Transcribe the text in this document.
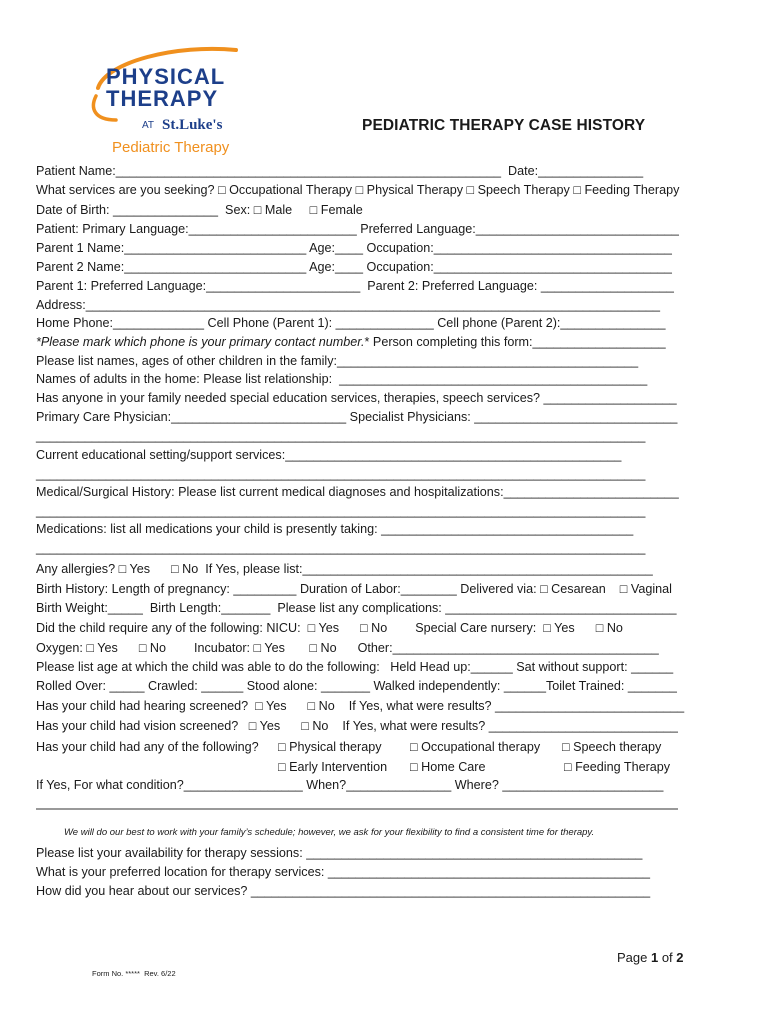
PHYSICAL
THERAPY
AT St.Luke's
Pediatric Therapy
PEDIATRIC THERAPY CASE HISTORY
Patient Name:_______________________________________________________  Date:_______________
What services are you seeking? □ Occupational Therapy □ Physical Therapy □ Speech Therapy □ Feeding Therapy
Date of Birth: _______________  Sex: □ Male     □ Female
Patient: Primary Language:________________________ Preferred Language:_____________________________
Parent 1 Name:__________________________ Age:____ Occupation:__________________________________
Parent 2 Name:__________________________ Age:____ Occupation:__________________________________
Parent 1: Preferred Language:______________________  Parent 2: Preferred Language: ___________________
Address:__________________________________________________________________________________
Home Phone:_____________ Cell Phone (Parent 1): ______________ Cell phone (Parent 2):_______________
*Please mark which phone is your primary contact number.* Person completing this form:___________________
Please list names, ages of other children in the family:___________________________________________
Names of adults in the home: Please list relationship:  ____________________________________________
Has anyone in your family needed special education services, therapies, speech services? ___________________
Primary Care Physician:_________________________ Specialist Physicians: _____________________________
_______________________________________________________________________________________
Current educational setting/support services:________________________________________________
_______________________________________________________________________________________
Medical/Surgical History: Please list current medical diagnoses and hospitalizations:_________________________
_______________________________________________________________________________________
Medications: list all medications your child is presently taking: ____________________________________
_______________________________________________________________________________________
Any allergies? □ Yes      □ No  If Yes, please list:__________________________________________________
Birth History: Length of pregnancy: _________ Duration of Labor:________ Delivered via: □ Cesarean    □ Vaginal
Birth Weight:_____  Birth Length:_______  Please list any complications: _________________________________
Did the child require any of the following: NICU:  □ Yes      □ No        Special Care nursery:  □ Yes      □ No
Oxygen: □ Yes      □ No        Incubator: □ Yes       □ No      Other:______________________________________
Please list age at which the child was able to do the following:   Held Head up:______ Sat without support: ______
Rolled Over: _____ Crawled: ______ Stood alone: _______ Walked independently: ______Toilet Trained: _______
Has your child had hearing screened?  □ Yes      □ No    If Yes, what were results? ___________________________
Has your child had vision screened?   □ Yes      □ No    If Yes, what were results? ___________________________
Has your child had any of the following? □ Physical therapy □ Occupational therapy □ Speech therapy
□ Early Intervention □ Home Care	□ Feeding Therapy
If Yes, For what condition?_________________ When?_______________ Where? _______________________
We will do our best to work with your family’s schedule; however, we ask for your flexibility to find a consistent time for therapy.
Please list your availability for therapy sessions: ________________________________________________
What is your preferred location for therapy services: ______________________________________________
How did you hear about our services? _________________________________________________________
Page 1 of 2
Form No. *****  Rev. 6/22
